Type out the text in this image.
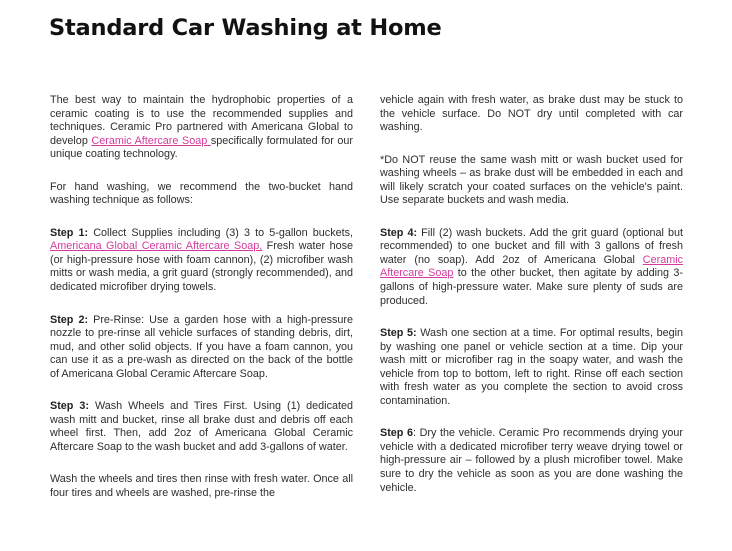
Standard Car Washing at Home

The best way to maintain the hydrophobic properties of a ceramic coating is to use the recommended supplies and techniques. Ceramic Pro partnered with Americana Global to develop Ceramic Aftercare Soap specifically formulated for our unique coating technology.

For hand washing, we recommend the two-bucket hand washing technique as follows:

Step 1: Collect Supplies including (3) 3 to 5-gallon buckets, Americana Global Ceramic Aftercare Soap, Fresh water hose (or high-pressure hose with foam cannon), (2) microfiber wash mitts or wash media, a grit guard (strongly recommended), and dedicated microfiber drying towels.

Step 2: Pre-Rinse: Use a garden hose with a high-pressure nozzle to pre-rinse all vehicle surfaces of standing debris, dirt, mud, and other solid objects. If you have a foam cannon, you can use it as a pre-wash as directed on the back of the bottle of Americana Global Ceramic Aftercare Soap.

Step 3: Wash Wheels and Tires First. Using (1) dedicated wash mitt and bucket, rinse all brake dust and debris off each wheel first. Then, add 2oz of Americana Global Ceramic Aftercare Soap to the wash bucket and add 3-gallons of water.

Wash the wheels and tires then rinse with fresh water. Once all four tires and wheels are washed, pre-rinse the

vehicle again with fresh water, as brake dust may be stuck to the vehicle surface. Do NOT dry until completed with car washing.

*Do NOT reuse the same wash mitt or wash bucket used for washing wheels – as brake dust will be embedded in each and will likely scratch your coated surfaces on the vehicle's paint. Use separate buckets and wash media.

Step 4: Fill (2) wash buckets. Add the grit guard (optional but recommended) to one bucket and fill with 3 gallons of fresh water (no soap). Add 2oz of Americana Global Ceramic Aftercare Soap to the other bucket, then agitate by adding 3-gallons of high-pressure water. Make sure plenty of suds are produced.

Step 5: Wash one section at a time. For optimal results, begin by washing one panel or vehicle section at a time. Dip your wash mitt or microfiber rag in the soapy water, and wash the vehicle from top to bottom, left to right. Rinse off each section with fresh water as you complete the section to avoid cross contamination.

Step 6: Dry the vehicle. Ceramic Pro recommends drying your vehicle with a dedicated microfiber terry weave drying towel or high-pressure air – followed by a plush microfiber towel. Make sure to dry the vehicle as soon as you are done washing the vehicle.
